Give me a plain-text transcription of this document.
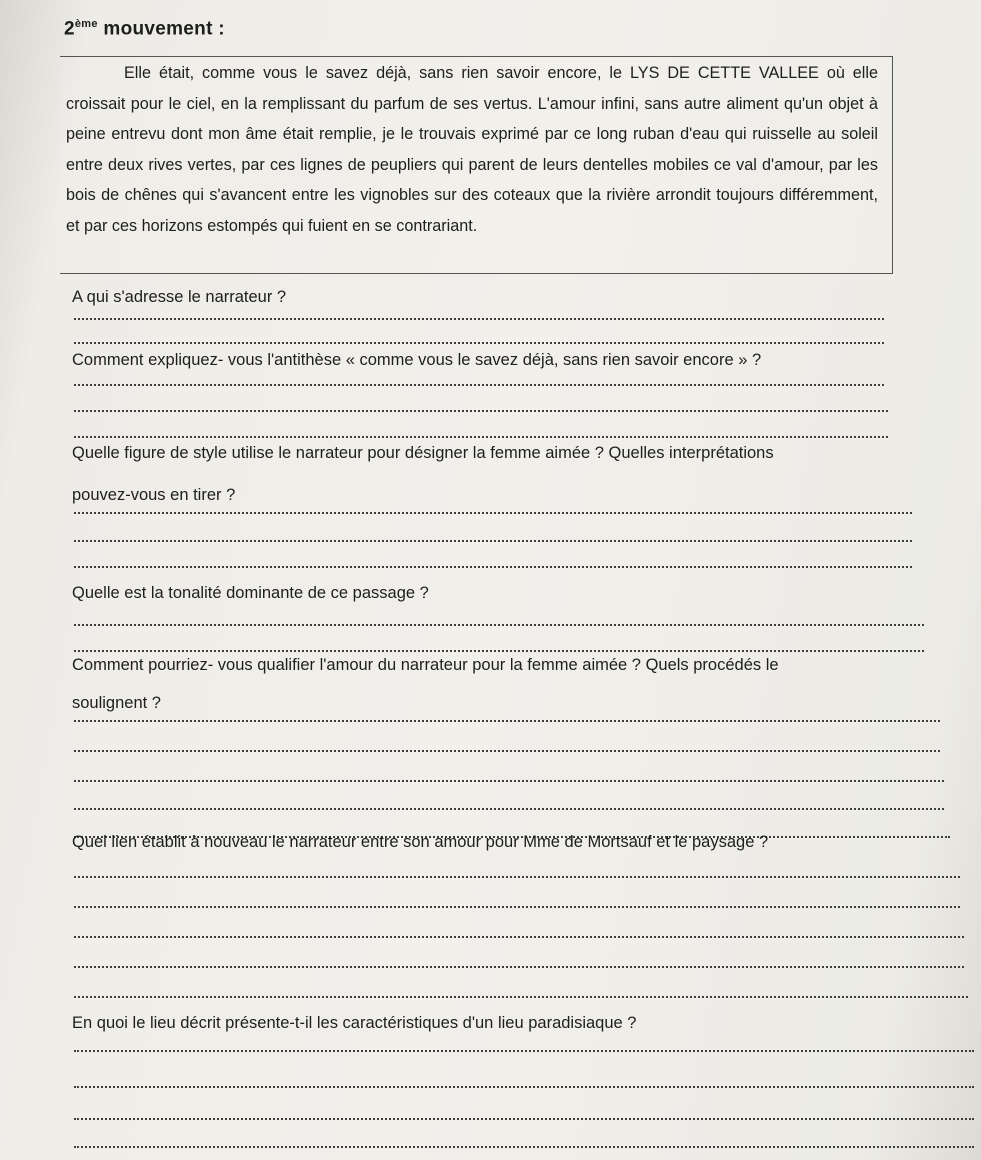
2ème mouvement :

Elle était, comme vous le savez déjà, sans rien savoir encore, le LYS DE CETTE VALLEE où elle croissait pour le ciel, en la remplissant du parfum de ses vertus. L'amour infini, sans autre aliment qu'un objet à peine entrevu dont mon âme était remplie, je le trouvais exprimé par ce long ruban d'eau qui ruisselle au soleil entre deux rives vertes, par ces lignes de peupliers qui parent de leurs dentelles mobiles ce val d'amour, par les bois de chênes qui s'avancent entre les vignobles sur des coteaux que la rivière arrondit toujours différemment, et par ces horizons estompés qui fuient en se contrariant.

A qui s'adresse le narrateur ?

Comment expliquez- vous l'antithèse « comme vous le savez déjà, sans rien savoir encore » ?

Quelle figure de style utilise le narrateur pour désigner la femme aimée ? Quelles interprétations

pouvez-vous en tirer ?

Quelle est la tonalité dominante de ce passage ?

Comment pourriez- vous qualifier l'amour du narrateur pour la femme aimée ? Quels procédés le

soulignent ?

Quel lien établit à nouveau le narrateur entre son amour pour Mme de Mortsauf et le paysage ?

En quoi le lieu décrit présente-t-il les caractéristiques d'un lieu paradisiaque ?
